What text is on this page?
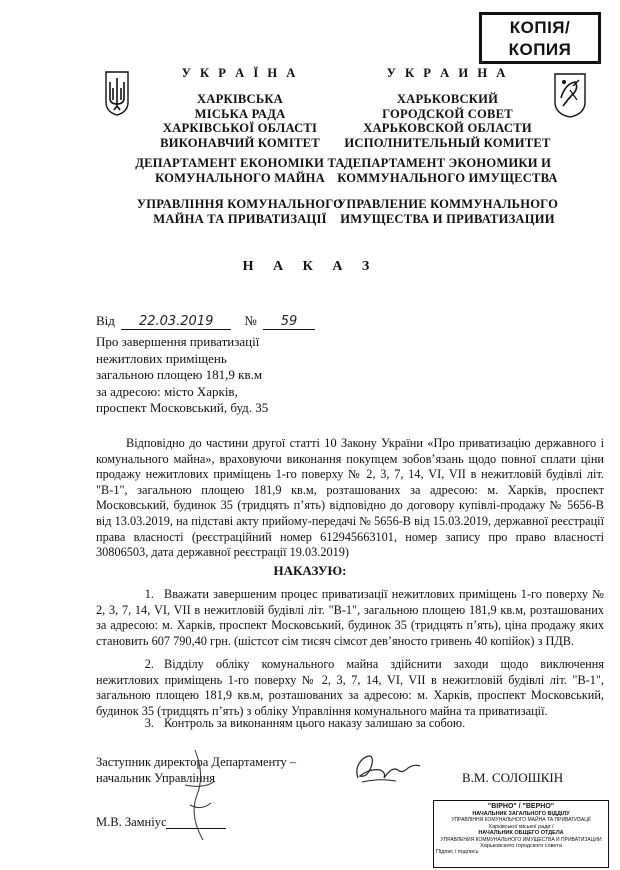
КОПІЯ/
КОПИЯ
У К Р А Ї Н А
ХАРКІВСЬКА
МІСЬКА РАДА
ХАРКІВСЬКОЇ ОБЛАСТІ
ВИКОНАВЧИЙ КОМІТЕТ
ДЕПАРТАМЕНТ ЕКОНОМІКИ ТА
КОМУНАЛЬНОГО МАЙНА
УПРАВЛІННЯ КОМУНАЛЬНОГО
МАЙНА ТА ПРИВАТИЗАЦІЇ
У К Р А И Н А
ХАРЬКОВСКИЙ
ГОРОДСКОЙ СОВЕТ
ХАРЬКОВСКОЙ ОБЛАСТИ
ИСПОЛНИТЕЛЬНЫЙ КОМИТЕТ
ДЕПАРТАМЕНТ ЭКОНОМИКИ И
КОММУНАЛЬНОГО ИМУЩЕСТВА
УПРАВЛЕНИЕ КОММУНАЛЬНОГО
ИМУЩЕСТВА И ПРИВАТИЗАЦИИ
Н А К А З
Від 22.03.2019 № 59
Про завершення приватизації
нежитлових приміщень
загальною площею 181,9 кв.м
за адресою: місто Харків,
проспект Московський, буд. 35
Відповідно до частини другої статті 10 Закону України «Про приватизацію державного і комунального майна», враховуючи виконання покупцем зобов’язань щодо повної сплати ціни продажу нежитлових приміщень 1-го поверху № 2, 3, 7, 14, VI, VII в нежитловій будівлі літ. "В-1", загальною площею 181,9 кв.м, розташованих за адресою: м. Харків, проспект Московський, будинок 35 (тридцять п’ять) відповідно до договору купівлі-продажу № 5656-В від 13.03.2019, на підставі акту прийому-передачі № 5656-В від 15.03.2019, державної реєстрації права власності (реєстраційний номер 612945663101, номер запису про право власності 30806503, дата державної реєстрації 19.03.2019)
НАКАЗУЮ:
1. Вважати завершеним процес приватизації нежитлових приміщень 1-го поверху № 2, 3, 7, 14, VI, VII в нежитловій будівлі літ. "В-1", загальною площею 181,9 кв.м, розташованих за адресою: м. Харків, проспект Московський, будинок 35 (тридцять п’ять), ціна продажу яких становить 607 790,40 грн. (шістсот сім тисяч сімсот дев’яносто гривень 40 копійок) з ПДВ.
2. Відділу обліку комунального майна здійснити заходи щодо виключення нежитлових приміщень 1-го поверху № 2, 3, 7, 14, VI, VII в нежитловій будівлі літ. "В-1", загальною площею 181,9 кв.м, розташованих за адресою: м. Харків, проспект Московський, будинок 35 (тридцять п’ять) з обліку Управління комунального майна та приватизації.
3. Контроль за виконанням цього наказу залишаю за собою.
Заступник директора Департаменту –
начальник Управління	В.М. СОЛОШКІН
М.В. Замніус
"ВІРНО" / "ВЕРНО"
НАЧАЛЬНИК ЗАГАЛЬНОГО ВІДДІЛУ
УПРАВЛІННЯ КОМУНАЛЬНОГО МАЙНА ТА ПРИВАТИЗАЦІЇ
Харківської міської ради /
НАЧАЛЬНИК ОБЩЕГО ОТДЕЛА
УПРАВЛЕНИЯ КОММУНАЛЬНОГО ИМУЩЕСТВА И ПРИВАТИЗАЦИИ
Харьковского городского совета
Підпис / подпись
